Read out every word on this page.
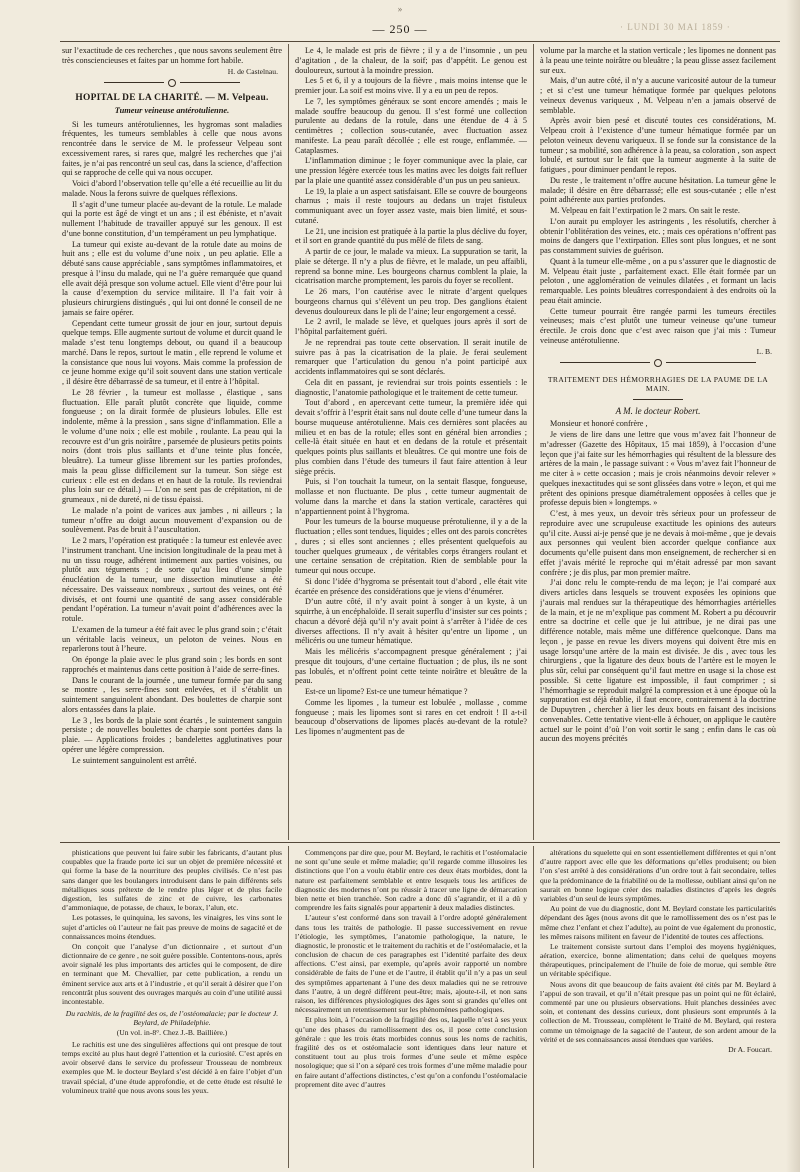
»
— 250 —	· LUNDI 30 MAI 1859 ·

sur l’exactitude de ces recherches , que nous savons seulement être très consciencieuses et faites par un homme fort habile.

H. de Castelnau.
HOPITAL DE LA CHARITÉ. — M. Velpeau.
Tumeur veineuse antérotulienne.

Si les tumeurs antérotuliennes, les hygromas sont maladies fréquentes, les tumeurs semblables à celle que nous avons rencontrée dans le service de M. le professeur Velpeau sont excessivement rares, si rares que, malgré les recherches que j’ai faites, je n’ai pas rencontré un seul cas, dans la science, d’affection qui se rapproche de celle qui va nous occuper.

Voici d’abord l’observation telle qu’elle a été recueillie au lit du malade. Nous la ferons suivre de quelques réflexions.

Il s’agit d’une tumeur placée au-devant de la rotule. Le malade qui la porte est âgé de vingt et un ans ; il est ébéniste, et n’avait nullement l’habitude de travailler appuyé sur les genoux. Il est d’une bonne constitution, d’un tempérament un peu lymphatique.

La tumeur qui existe au-devant de la rotule date au moins de huit ans ; elle est du volume d’une noix , un peu aplatie. Elle a débuté sans cause appréciable , sans symptômes inflammatoires, et presque à l’insu du malade, qui ne l’a guère remarquée que quand elle avait déjà presque son volume actuel. Elle vient d’être pour lui la cause d’exemption du service militaire. Il l’a fait voir à plusieurs chirurgiens distingués , qui lui ont donné le conseil de ne jamais se faire opérer.

Cependant cette tumeur grossit de jour en jour, surtout depuis quelque temps. Elle augmente surtout de volume et durcit quand le malade s’est tenu longtemps debout, ou quand il a beaucoup marché. Dans le repos, surtout le matin , elle reprend le volume et la consistance que nous lui voyons. Mais comme la profession de ce jeune homme exige qu’il soit souvent dans une station verticale , il désire être débarrassé de sa tumeur, et il entre à l’hôpital.

Le 28 février , la tumeur est mollasse , élastique , sans fluctuation. Elle paraît plutôt concrète que liquide, comme fongueuse ; on la dirait formée de plusieurs lobules. Elle est indolente, même à la pression , sans signe d’inflammation. Elle a le volume d’une noix ; elle est mobile , roulante. La peau qui la recouvre est d’un gris noirâtre , parsemée de plusieurs petits points noirs (dont trois plus saillants et d’une teinte plus foncée, bleuâtre). La tumeur glisse librement sur les parties profondes, mais la peau glisse difficilement sur la tumeur. Son siège est curieux : elle est en dedans et en haut de la rotule. Ils reviendrai plus loin sur ce détail.) — L’on ne sent pas de crépitation, ni de grumeaux , ni de dureté, ni de tissu épaissi.

Le malade n’a point de varices aux jambes , ni ailleurs ; la tumeur n’offre au doigt aucun mouvement d’expansion ou de soulèvement. Pas de bruit à l’auscultation.

Le 2 mars, l’opération est pratiquée : la tumeur est enlevée avec l’instrument tranchant. Une incision longitudinale de la peau met à nu un tissu rouge, adhérent intimement aux parties voisines, ou plutôt aux téguments ; de sorte qu’au lieu d’une simple énucléation de la tumeur, une dissection minutieuse a été nécessaire. Des vaisseaux nombreux , surtout des veines, ont été divisés, et ont fourni une quantité de sang assez considérable pendant l’opération. La tumeur n’avait point d’adhérences avec la rotule.

L’examen de la tumeur a été fait avec le plus grand soin ; c’était un véritable lacis veineux, un peloton de veines. Nous en reparlerons tout à l’heure.

On éponge la plaie avec le plus grand soin ; les bords en sont rapprochés et maintenus dans cette position à l’aide de serre-fines.

Dans le courant de la journée , une tumeur formée par du sang se montre , les serre-fines sont enlevées, et il s’établit un suintement sanguinolent abondant. Des boulettes de charpie sont alors entassées dans la plaie.

Le 3 , les bords de la plaie sont écartés , le suintement sanguin persiste ; de nouvelles boulettes de charpie sont portées dans la plaie. — Applications froides ; bandelettes agglutinatives pour opérer une légère compression.

Le suintement sanguinolent est arrêté.

Le 4, le malade est pris de fièvre ; il y a de l’insomnie , un peu d’agitation , de la chaleur, de la soif; pas d’appétit. Le genou est douloureux, surtout à la moindre pression.

Les 5 et 6, il y a toujours de la fièvre , mais moins intense que le premier jour. La soif est moins vive. Il y a eu un peu de repos.

Le 7, les symptômes généraux se sont encore amendés ; mais le malade souffre beaucoup du genou. Il s’est formé une collection purulente au dedans de la rotule, dans une étendue de 4 à 5 centimètres ; collection sous-cutanée, avec fluctuation assez manifeste. La peau paraît décollée ; elle est rouge, enflammée. — Cataplasmes.

L’inflammation diminue ; le foyer communique avec la plaie, car une pression légère exercée tous les matins avec les doigts fait refluer par la plaie une quantité assez considérable d’un pus un peu sanieux.

Le 19, la plaie a un aspect satisfaisant. Elle se couvre de bourgeons charnus ; mais il reste toujours au dedans un trajet fistuleux communiquant avec un foyer assez vaste, mais bien limité, et sous-cutané.

Le 21, une incision est pratiquée à la partie la plus déclive du foyer, et il sort en grande quantité du pus mêlé de filets de sang.

A partir de ce jour, le malade va mieux. La suppuration se tarit, la plaie se déterge. Il n’y a plus de fièvre, et le malade, un peu affaibli, reprend sa bonne mine. Les bourgeons charnus comblent la plaie, la cicatrisation marche promptement, les parois du foyer se recollent.

Le 26 mars, l’on cautérise avec le nitrate d’argent quelques bourgeons charnus qui s’élèvent un peu trop. Des ganglions étaient devenus douloureux dans le pli de l’aine; leur engorgement a cessé.

Le 2 avril, le malade se lève, et quelques jours après il sort de l’hôpital parfaitement guéri.

Je ne reprendrai pas toute cette observation. Il serait inutile de suivre pas à pas la cicatrisation de la plaie. Je ferai seulement remarquer que l’articulation du genou n’a point participé aux accidents inflammatoires qui se sont déclarés.

Cela dit en passant, je reviendrai sur trois points essentiels : le diagnostic, l’anatomie pathologique et le traitement de cette tumeur.

Tout d’abord , en apercevant cette tumeur, la première idée qui devait s’offrir à l’esprit était sans nul doute celle d’une tumeur dans la bourse muqueuse antérotulienne. Mais ces dernières sont placées au milieu et en bas de la rotule; elles sont en général bien arrondies ; celle-là était située en haut et en dedans de la rotule et présentait quelques points plus saillants et bleuâtres. Ce qui montre une fois de plus combien dans l’étude des tumeurs il faut faire attention à leur siège précis.

Puis, si l’on touchait la tumeur, on la sentait flasque, fongueuse, mollasse et non fluctuante. De plus , cette tumeur augmentait de volume dans la marche et dans la station verticale, caractères qui n’appartiennent point à l’hygroma.

Pour les tumeurs de la bourse muqueuse prérotulienne, il y a de la fluctuation ; elles sont tendues, liquides ; elles ont des parois concrètes , dures ; si elles sont anciennes ; elles présentent quelquefois au toucher quelques grumeaux , de véritables corps étrangers roulant et une certaine sensation de crépitation. Rien de semblable pour la tumeur qui nous occupe.

Si donc l’idée d’hygroma se présentait tout d’abord , elle était vite écartée en présence des considérations que je viens d’énumérer.

D’un autre côté, il n’y avait point à songer à un kyste, à un squirrhe, à un encéphaloïde. Il serait superflu d’insister sur ces points ; chacun a dévoré déjà qu’il n’y avait point à s’arrêter à l’idée de ces diverses affections. Il n’y avait à hésiter qu’entre un lipome , un mélicéris ou une tumeur hématique.

Mais les mélicéris s’accompagnent presque généralement ; j’ai presque dit toujours, d’une certaine fluctuation ; de plus, ils ne sont pas lobulés, et n’offrent point cette teinte noirâtre et bleuâtre de la peau.

Est-ce un lipome? Est-ce une tumeur hématique ?

Comme les lipomes , la tumeur est lobulée , mollasse , comme fongueuse ; mais les lipomes sont si rares en cet endroit ! Il a-t-il beaucoup d’observations de lipomes placés au-devant de la rotule? Les lipomes n’augmentent pas de

volume par la marche et la station verticale ; les lipomes ne donnent pas à la peau une teinte noirâtre ou bleuâtre ; la peau glisse assez facilement sur eux.

Mais, d’un autre côté, il n’y a aucune varicosité autour de la tumeur ; et si c’est une tumeur hématique formée par quelques pelotons veineux devenus variqueux , M. Velpeau n’en a jamais observé de semblable.

Après avoir bien pesé et discuté toutes ces considérations, M. Velpeau croit à l’existence d’une tumeur hématique formée par un peloton veineux devenu variqueux. Il se fonde sur la consistance de la tumeur ; sa mobilité, son adhérence à la peau, sa coloration , son aspect lobulé, et surtout sur le fait que la tumeur augmente à la suite de fatigues , pour diminuer pendant le repos.

Du reste , le traitement n’offre aucune hésitation. La tumeur gêne le malade; il désire en être débarrassé; elle est sous-cutanée ; elle n’est point adhérente aux parties profondes.

M. Velpeau en fait l’extirpation le 2 mars. On sait le reste.

L’on aurait pu employer les astringents , les résolutifs, chercher à obtenir l’oblitération des veines, etc. ; mais ces opérations n’offrent pas moins de dangers que l’extirpation. Elles sont plus longues, et ne sont pas constamment suivies de guérison.

Quant à la tumeur elle-même , on a pu s’assurer que le diagnostic de M. Velpeau était juste , parfaitement exact. Elle était formée par un peloton , une agglomération de veinules dilatées , et formant un lacis remarquable. Les points bleuâtres correspondaient à des endroits où la peau était amincie.

Cette tumeur pourrait être rangée parmi les tumeurs érectiles veineuses; mais c’est plutôt une tumeur veineuse qu’une tumeur érectile. Je crois donc que c’est avec raison que j’ai mis : Tumeur veineuse antérotulienne.

L. B.
TRAITEMENT DES HÉMORRHAGIES DE LA PAUME DE LA MAIN.
A M. le docteur Robert.

Monsieur et honoré confrère ,

Je viens de lire dans une lettre que vous m’avez fait l’honneur de m’adresser (Gazette des Hôpitaux, 15 mai 1859), à l’occasion d’une leçon que j’ai faite sur les hémorrhagies qui résultent de la blessure des artères de la main , le passage suivant : « Vous m’avez fait l’honneur de me citer à » cette occasion ; mais je crois néanmoins devoir relever » quelques inexactitudes qui se sont glissées dans votre » leçon, et qui me prêtent des opinions presque diamétralement opposées à celles que je professe depuis bien » longtemps. »

C’est, à mes yeux, un devoir très sérieux pour un professeur de reproduire avec une scrupuleuse exactitude les opinions des auteurs qu’il cite. Aussi ai-je pensé que je ne devais à moi-même , que je devais aux personnes qui veulent bien accorder quelque confiance aux documents qu’elle puisent dans mon enseignement, de rechercher si en effet j’avais mérité le reproche qui m’était adressé par mon savant confrère ; je dis plus, par mon premier maître.

J’ai donc relu le compte-rendu de ma leçon; je l’ai comparé aux divers articles dans lesquels se trouvent exposées les opinions que j’aurais mal rendues sur la thérapeutique des hémorrhagies artérielles de la main, et je ne m’explique pas comment M. Robert a pu découvrir entre sa doctrine et celle que je lui attribue, je ne dirai pas une différence notable, mais même une différence quelconque. Dans ma leçon , je passe en revue les divers moyens qui doivent être mis en usage lorsqu’une artère de la main est divisée. Je dis , avec tous les chirurgiens , que la ligature des deux bouts de l’artère est le moyen le plus sûr, celui par conséquent qu’il faut mettre en usage si la chose est possible. Si cette ligature est impossible, il faut comprimer ; si l’hémorrhagie se reproduit malgré la compression et à une époque où la suppuration est déjà établie, il faut encore, contrairement à la doctrine de Dupuytren , chercher à lier les deux bouts en faisant des incisions convenables. Cette tentative vient-elle à échouer, on applique le cautère actuel sur le point d’où l’on voit sortir le sang ; enfin dans le cas où aucun des moyens précités

phistications que peuvent lui faire subir les fabricants, d’autant plus coupables que la fraude porte ici sur un objet de première nécessité et qui forme la base de la nourriture des peuples civilisés. Ce n’est pas sans danger que les boulangers introduisent dans le pain différents sels métalliques sous prétexte de le rendre plus léger et de plus facile digestion, les sulfates de zinc et de cuivre, les carbonates d’ammoniaque, de potasse, de chaux, le borax, l’alun, etc.

Les potasses, le quinquina, les savons, les vinaigres, les vins sont le sujet d’articles où l’auteur ne fait pas preuve de moins de sagacité et de connaissances moins étendues.

On conçoit que l’analyse d’un dictionnaire , et surtout d’un dictionnaire de ce genre , ne soit guère possible. Contentons-nous, après avoir signalé les plus importants des articles qui le composent, de dire en terminant que M. Chevallier, par cette publication, a rendu un éminent service aux arts et à l’industrie , et qu’il serait à désirer que l’on rencontrât plus souvent des ouvrages marqués au coin d’une utilité aussi incontestable.

Du rachitis, de la fragilité des os, de l’ostéomalacie; par le docteur J. Beylard, de Philadelphie.
(Un vol. in-8°. Chez J.-B. Baillière.)

Le rachitis est une des singulières affections qui ont presque de tout temps excité au plus haut degré l’attention et la curiosité. C’est après en avoir observé dans le service du professeur Trousseau de nombreux exemples que M. le docteur Beylard s’est décidé à en faire l’objet d’un travail spécial, d’une étude approfondie, et de cette étude est résulté le volumineux traité que nous avons sous les yeux.

Commençons par dire que, pour M. Beylard, le rachitis et l’ostéomalacie ne sont qu’une seule et même maladie; qu’il regarde comme illusoires les distinctions que l’on a voulu établir entre ces deux états morbides, dont la nature est parfaitement semblable et entre lesquels tous les artifices de diagnostic des modernes n’ont pu réussir à tracer une ligne de démarcation bien nette et bien tranchée. Son cadre a donc dû s’agrandir, et il a dû y comprendre les faits signalés pour appartenir à deux maladies distinctes.

L’auteur s’est conformé dans son travail à l’ordre adopté généralement dans tous les traités de pathologie. Il passe successivement en revue l’étiologie, les symptômes, l’anatomie pathologique, la nature, le diagnostic, le pronostic et le traitement du rachitis et de l’ostéomalacie, et la conclusion de chacun de ces paragraphes est l’identité parfaite des deux affections. C’est ainsi, par exemple, qu’après avoir rapporté un nombre considérable de faits de l’une et de l’autre, il établit qu’il n’y a pas un seul des symptômes appartenant à l’une des deux maladies qui ne se retrouve dans l’autre, à un degré différent peut-être; mais, ajoute-t-il, et non sans raison, les différences physiologiques des âges sont si grandes qu’elles ont nécessairement un retentissement sur les phénomènes pathologiques.

Et plus loin, à l’occasion de la fragilité des os, laquelle n’est à ses yeux qu’une des phases du ramollissement des os, il pose cette conclusion générale : que les trois états morbides connus sous les noms de rachitis, fragilité des os et ostéomalacie sont identiques dans leur nature et constituent tout au plus trois formes d’une seule et même espèce nosologique; que si l’on a séparé ces trois formes d’une même maladie pour en faire autant d’affections distinctes, c’est qu’on a confondu l’ostéomalacie proprement dite avec d’autres

altérations du squelette qui en sont essentiellement différentes et qui n’ont d’autre rapport avec elle que les déformations qu’elles produisent; ou bien l’on s’est arrêté à des considérations d’un ordre tout à fait secondaire, telles que la prédominance de la friabilité ou de la mollesse, oubliant ainsi qu’on ne saurait en bonne logique créer des maladies distinctes d’après les degrés variables d’un seul de leurs symptômes.

Au point de vue du diagnostic, dont M. Beylard constate les particularités dépendant des âges (nous avons dit que le ramollissement des os n’est pas le même chez l’enfant et chez l’adulte), au point de vue également du pronostic, les mêmes raisons militent en faveur de l’identité de toutes ces affections.

Le traitement consiste surtout dans l’emploi des moyens hygiéniques, aération, exercice, bonne alimentation; dans celui de quelques moyens thérapeutiques, principalement de l’huile de foie de morue, qui semble être un véritable spécifique.

Nous avons dit que beaucoup de faits avaient été cités par M. Beylard à l’appui de son travail, et qu’il n’était presque pas un point qui ne fût éclairé, commenté par une ou plusieurs observations. Huit planches dessinées avec soin, et contenant des dessins curieux, dont plusieurs sont empruntés à la collection de M. Trousseau, complètent le Traité de M. Beylard, qui restera comme un témoignage de la sagacité de l’auteur, de son ardent amour de la vérité et de ses connaissances aussi étendues que variées.

Dr A. Foucart.
